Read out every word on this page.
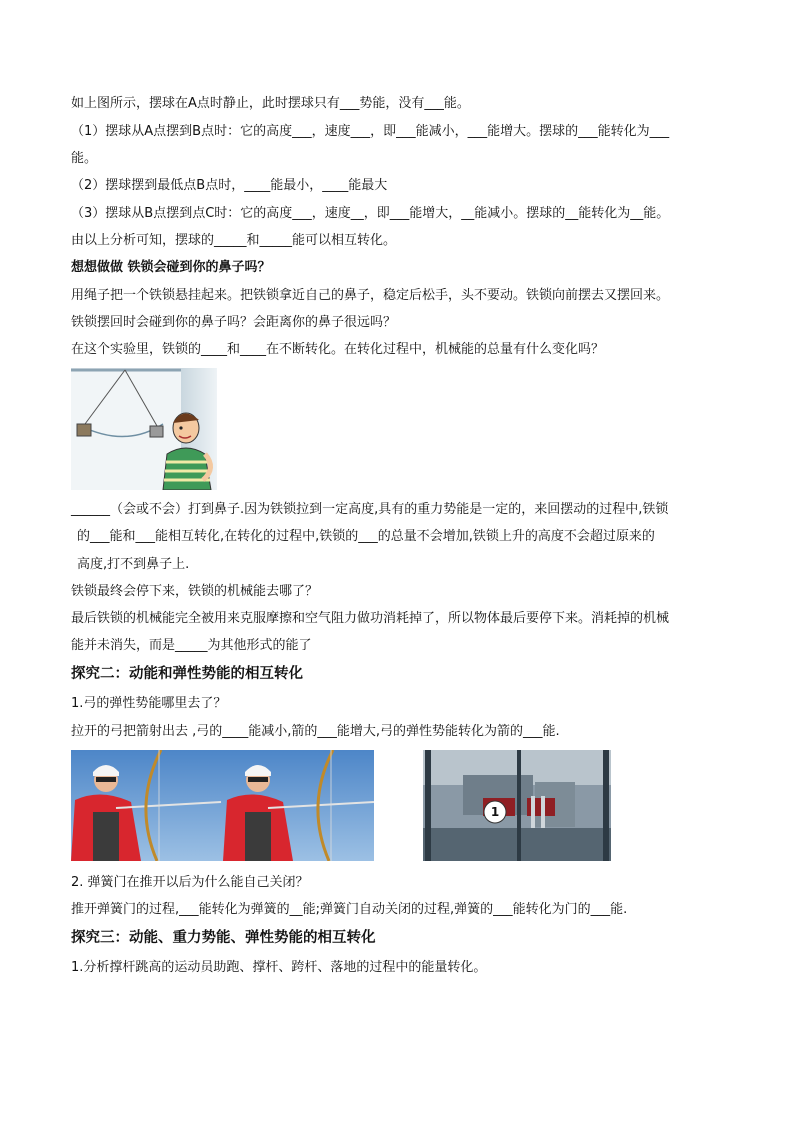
如上图所示，摆球在A点时静止，此时摆球只有___势能，没有___能。
（1）摆球从A点摆到B点时：它的高度___，速度___，即___能减小，___能增大。摆球的___能转化为___
能。
（2）摆球摆到最低点B点时，____能最小，____能最大
（3）摆球从B点摆到点C时：它的高度___，速度__，即___能增大，__能减小。摆球的__能转化为__能。
由以上分析可知，摆球的_____和_____能可以相互转化。
想想做做 铁锁会碰到你的鼻子吗？
用绳子把一个铁锁悬挂起来。把铁锁拿近自己的鼻子，稳定后松手，头不要动。铁锁向前摆去又摆回来。
铁锁摆回时会碰到你的鼻子吗？会距离你的鼻子很远吗？
在这个实验里，铁锁的____和____在不断转化。在转化过程中，机械能的总量有什么变化吗？
______（会或不会）打到鼻子.因为铁锁拉到一定高度,具有的重力势能是一定的，来回摆动的过程中,铁锁
的___能和___能相互转化,在转化的过程中,铁锁的___的总量不会增加,铁锁上升的高度不会超过原来的
高度,打不到鼻子上.
铁锁最终会停下来，铁锁的机械能去哪了？
最后铁锁的机械能完全被用来克服摩擦和空气阻力做功消耗掉了，所以物体最后要停下来。消耗掉的机械
能并未消失，而是_____为其他形式的能了
探究二：动能和弹性势能的相互转化
1.弓的弹性势能哪里去了？
拉开的弓把箭射出去 ,弓的____能减小,箭的___能增大,弓的弹性势能转化为箭的___能.
1
2. 弹簧门在推开以后为什么能自己关闭？
推开弹簧门的过程,___能转化为弹簧的__能;弹簧门自动关闭的过程,弹簧的___能转化为门的___能.
探究三：动能、重力势能、弹性势能的相互转化
1.分析撑杆跳高的运动员助跑、撑杆、跨杆、落地的过程中的能量转化。
